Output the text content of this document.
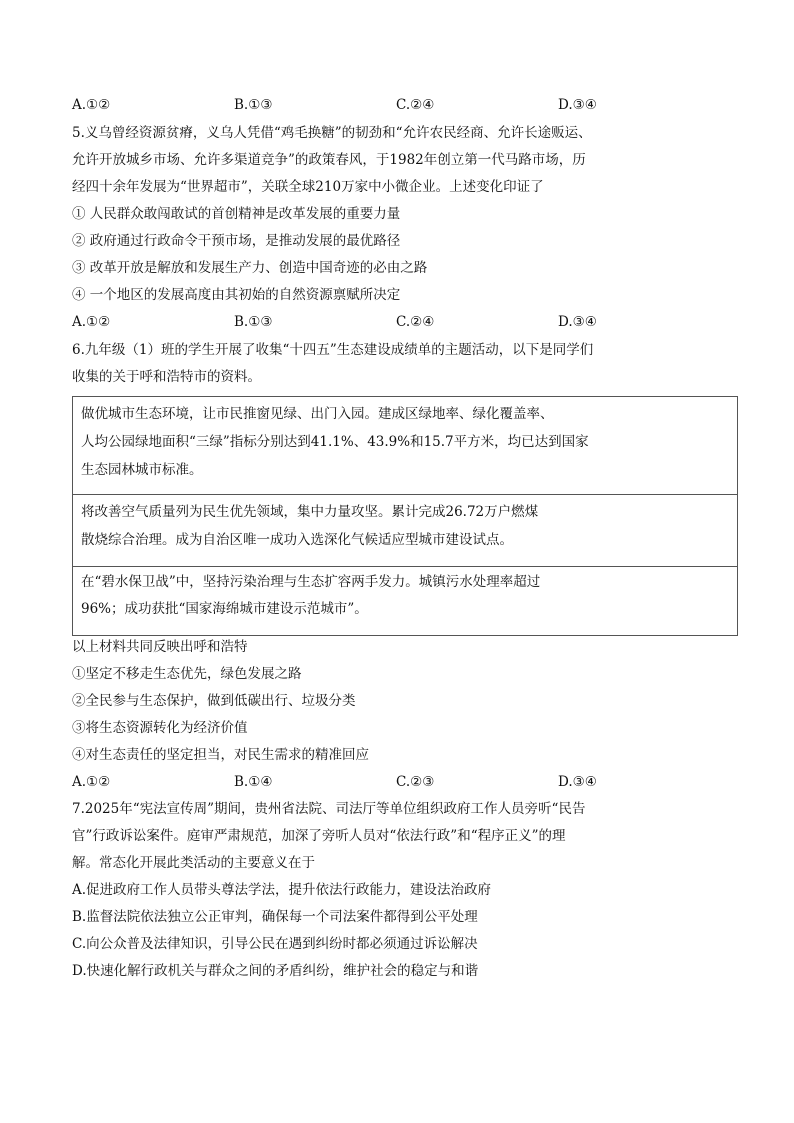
A.①②	B.①③	C.②④	D.③④
5.义乌曾经资源贫瘠，义乌人凭借“鸡毛换糖”的韧劲和“允许农民经商、允许长途贩运、
允许开放城乡市场、允许多渠道竞争”的政策春风，于1982年创立第一代马路市场，历
经四十余年发展为“世界超市”，关联全球210万家中小微企业。上述变化印证了
① 人民群众敢闯敢试的首创精神是改革发展的重要力量
② 政府通过行政命令干预市场，是推动发展的最优路径
③ 改革开放是解放和发展生产力、创造中国奇迹的必由之路
④ 一个地区的发展高度由其初始的自然资源禀赋所决定
A.①②	B.①③	C.②④	D.③④
6.九年级（1）班的学生开展了收集“十四五”生态建设成绩单的主题活动，以下是同学们
收集的关于呼和浩特市的资料。
做优城市生态环境，让市民推窗见绿、出门入园。建成区绿地率、绿化覆盖率、
人均公园绿地面积“三绿”指标分别达到41.1%、43.9%和15.7平方米，均已达到国家
生态园林城市标准。
将改善空气质量列为民生优先领域，集中力量攻坚。累计完成26.72万户燃煤
散烧综合治理。成为自治区唯一成功入选深化气候适应型城市建设试点。
在“碧水保卫战”中，坚持污染治理与生态扩容两手发力。城镇污水处理率超过
96%；成功获批“国家海绵城市建设示范城市”。
以上材料共同反映出呼和浩特
①坚定不移走生态优先，绿色发展之路
②全民参与生态保护，做到低碳出行、垃圾分类
③将生态资源转化为经济价值
④对生态责任的坚定担当，对民生需求的精准回应
A.①②	B.①④	C.②③	D.③④
7.2025年“宪法宣传周”期间，贵州省法院、司法厅等单位组织政府工作人员旁听“民告
官”行政诉讼案件。庭审严肃规范，加深了旁听人员对“依法行政”和“程序正义”的理
解。常态化开展此类活动的主要意义在于
A.促进政府工作人员带头尊法学法，提升依法行政能力，建设法治政府
B.监督法院依法独立公正审判，确保每一个司法案件都得到公平处理
C.向公众普及法律知识，引导公民在遇到纠纷时都必须通过诉讼解决
D.快速化解行政机关与群众之间的矛盾纠纷，维护社会的稳定与和谐
